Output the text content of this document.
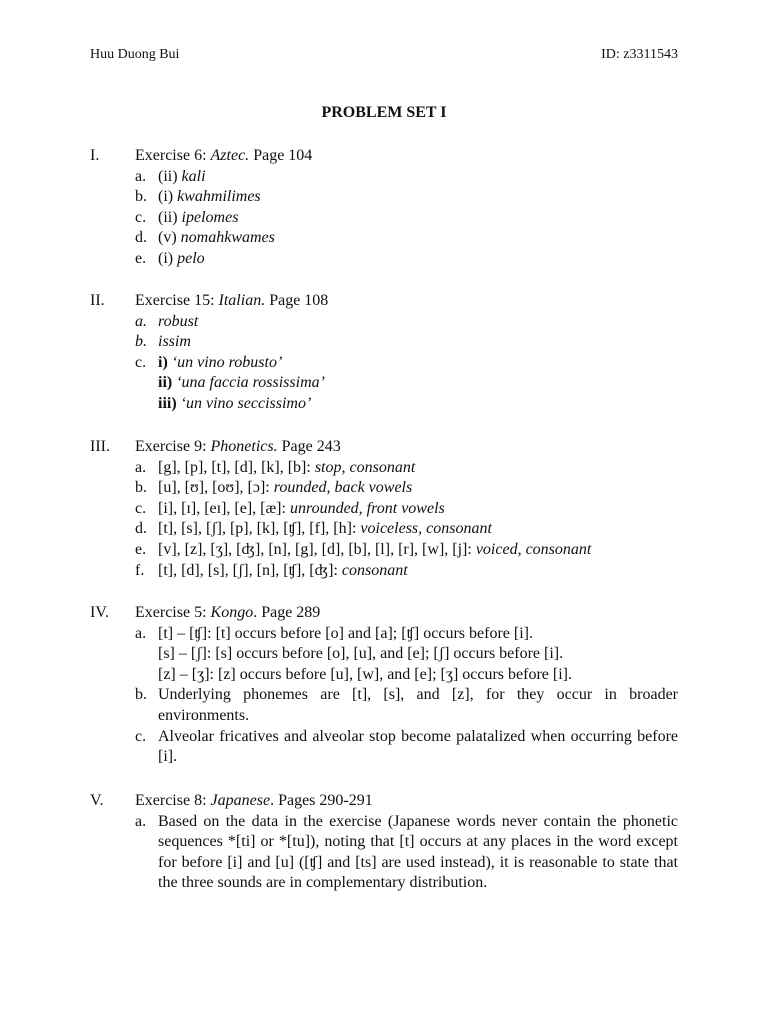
Huu Duong Bui	ID: z3311543
PROBLEM SET I
I. Exercise 6: Aztec. Page 104
a. (ii) kali
b. (i) kwahmilimes
c. (ii) ipelomes
d. (v) nomahkwames
e. (i) pelo
II. Exercise 15: Italian. Page 108
a. robust
b. issim
c. i) ‘un vino robusto’
ii) ‘una faccia rossissima’
iii) ‘un vino seccissimo’
III. Exercise 9: Phonetics. Page 243
a. [g], [p], [t], [d], [k], [b]: stop, consonant
b. [u], [ʊ], [oʊ], [ɔ]: rounded, back vowels
c. [i], [ɪ], [eɪ], [e], [æ]: unrounded, front vowels
d. [t], [s], [ʃ], [p], [k], [ʧ], [f], [h]: voiceless, consonant
e. [v], [z], [ʒ], [ʤ], [n], [g], [d], [b], [l], [r], [w], [j]: voiced, consonant
f. [t], [d], [s], [ʃ], [n], [ʧ], [ʤ]: consonant
IV. Exercise 5: Kongo. Page 289
a. [t] – [ʧ]: [t] occurs before [o] and [a]; [ʧ] occurs before [i].
[s] – [ʃ]: [s] occurs before [o], [u], and [e]; [ʃ] occurs before [i].
[z] – [ʒ]: [z] occurs before [u], [w], and [e]; [ʒ] occurs before [i].
b. Underlying phonemes are [t], [s], and [z], for they occur in broader environments.
c. Alveolar fricatives and alveolar stop become palatalized when occurring before [i].
V. Exercise 8: Japanese. Pages 290-291
a. Based on the data in the exercise (Japanese words never contain the phonetic sequences *[ti] or *[tu]), noting that [t] occurs at any places in the word except for before [i] and [u] ([ʧ] and [ts] are used instead), it is reasonable to state that the three sounds are in complementary distribution.
